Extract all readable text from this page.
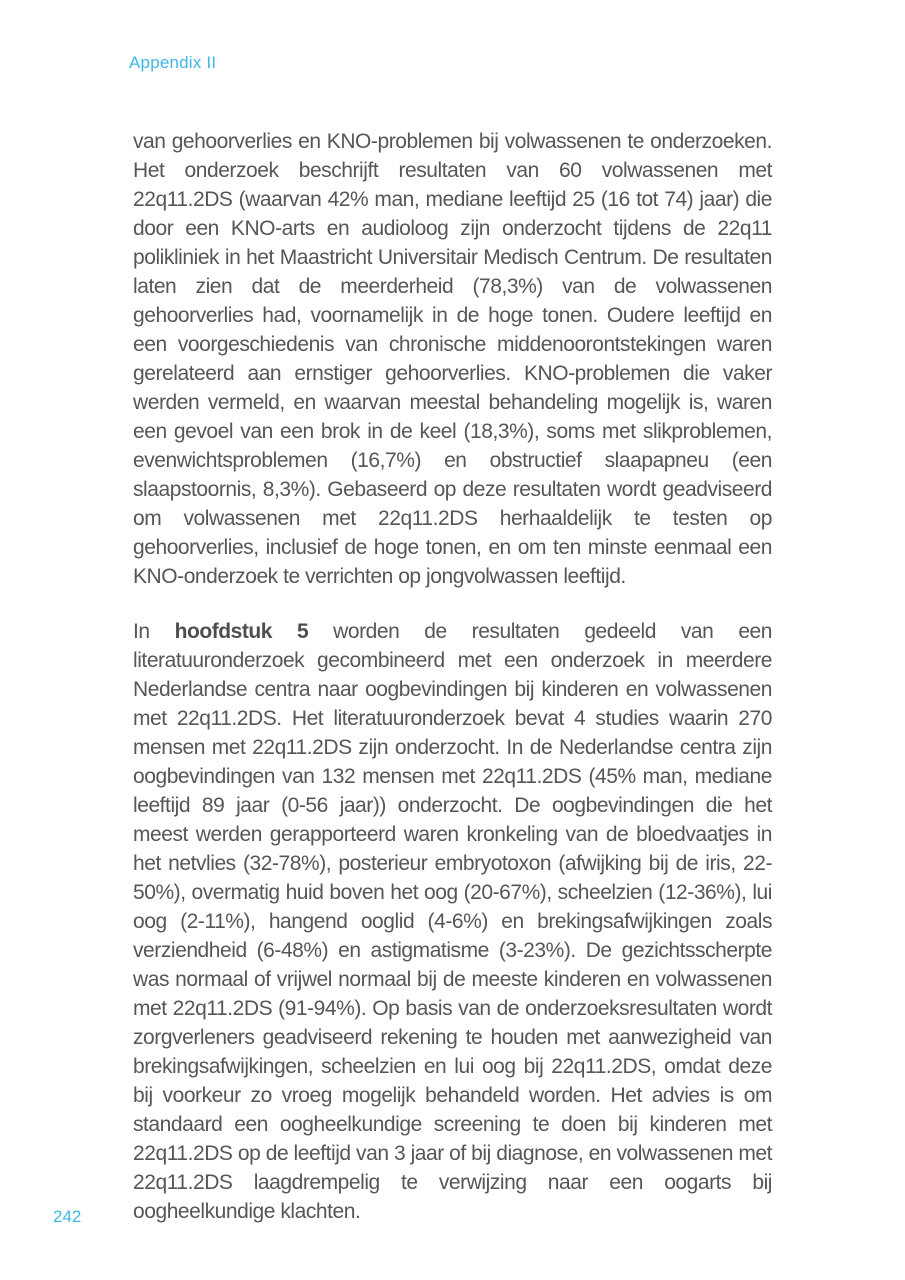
Appendix II

van gehoorverlies en KNO-problemen bij volwassenen te onderzoeken. Het onderzoek beschrijft resultaten van 60 volwassenen met 22q11.2DS (waarvan 42% man, mediane leeftijd 25 (16 tot 74) jaar) die door een KNO-arts en audioloog zijn onderzocht tijdens de 22q11 polikliniek in het Maastricht Universitair Medisch Centrum. De resultaten laten zien dat de meerderheid (78,3%) van de volwassenen gehoorverlies had, voornamelijk in de hoge tonen. Oudere leeftijd en een voorgeschiedenis van chronische middenoorontstekingen waren gerelateerd aan ernstiger gehoorverlies. KNO-problemen die vaker werden vermeld, en waarvan meestal behandeling mogelijk is, waren een gevoel van een brok in de keel (18,3%), soms met slikproblemen, evenwichtsproblemen (16,7%) en obstructief slaapapneu (een slaapstoornis, 8,3%). Gebaseerd op deze resultaten wordt geadviseerd om volwassenen met 22q11.2DS herhaaldelijk te testen op gehoorverlies, inclusief de hoge tonen, en om ten minste eenmaal een KNO-onderzoek te verrichten op jongvolwassen leeftijd.

In hoofdstuk 5 worden de resultaten gedeeld van een literatuuronderzoek gecombineerd met een onderzoek in meerdere Nederlandse centra naar oogbevindingen bij kinderen en volwassenen met 22q11.2DS. Het literatuuronderzoek bevat 4 studies waarin 270 mensen met 22q11.2DS zijn onderzocht. In de Nederlandse centra zijn oogbevindingen van 132 mensen met 22q11.2DS (45% man, mediane leeftijd 89 jaar (0-56 jaar)) onderzocht. De oogbevindingen die het meest werden gerapporteerd waren kronkeling van de bloedvaatjes in het netvlies (32-78%), posterieur embryotoxon (afwijking bij de iris, 22-50%), overmatig huid boven het oog (20-67%), scheelzien (12-36%), lui oog (2-11%), hangend ooglid (4-6%) en brekingsafwijkingen zoals verziendheid (6-48%) en astigmatisme (3-23%). De gezichtsscherpte was normaal of vrijwel normaal bij de meeste kinderen en volwassenen met 22q11.2DS (91-94%). Op basis van de onderzoeksresultaten wordt zorgverleners geadviseerd rekening te houden met aanwezigheid van brekingsafwijkingen, scheelzien en lui oog bij 22q11.2DS, omdat deze bij voorkeur zo vroeg mogelijk behandeld worden. Het advies is om standaard een oogheelkundige screening te doen bij kinderen met 22q11.2DS op de leeftijd van 3 jaar of bij diagnose, en volwassenen met 22q11.2DS laagdrempelig te verwijzing naar een oogarts bij oogheelkundige klachten.

242
